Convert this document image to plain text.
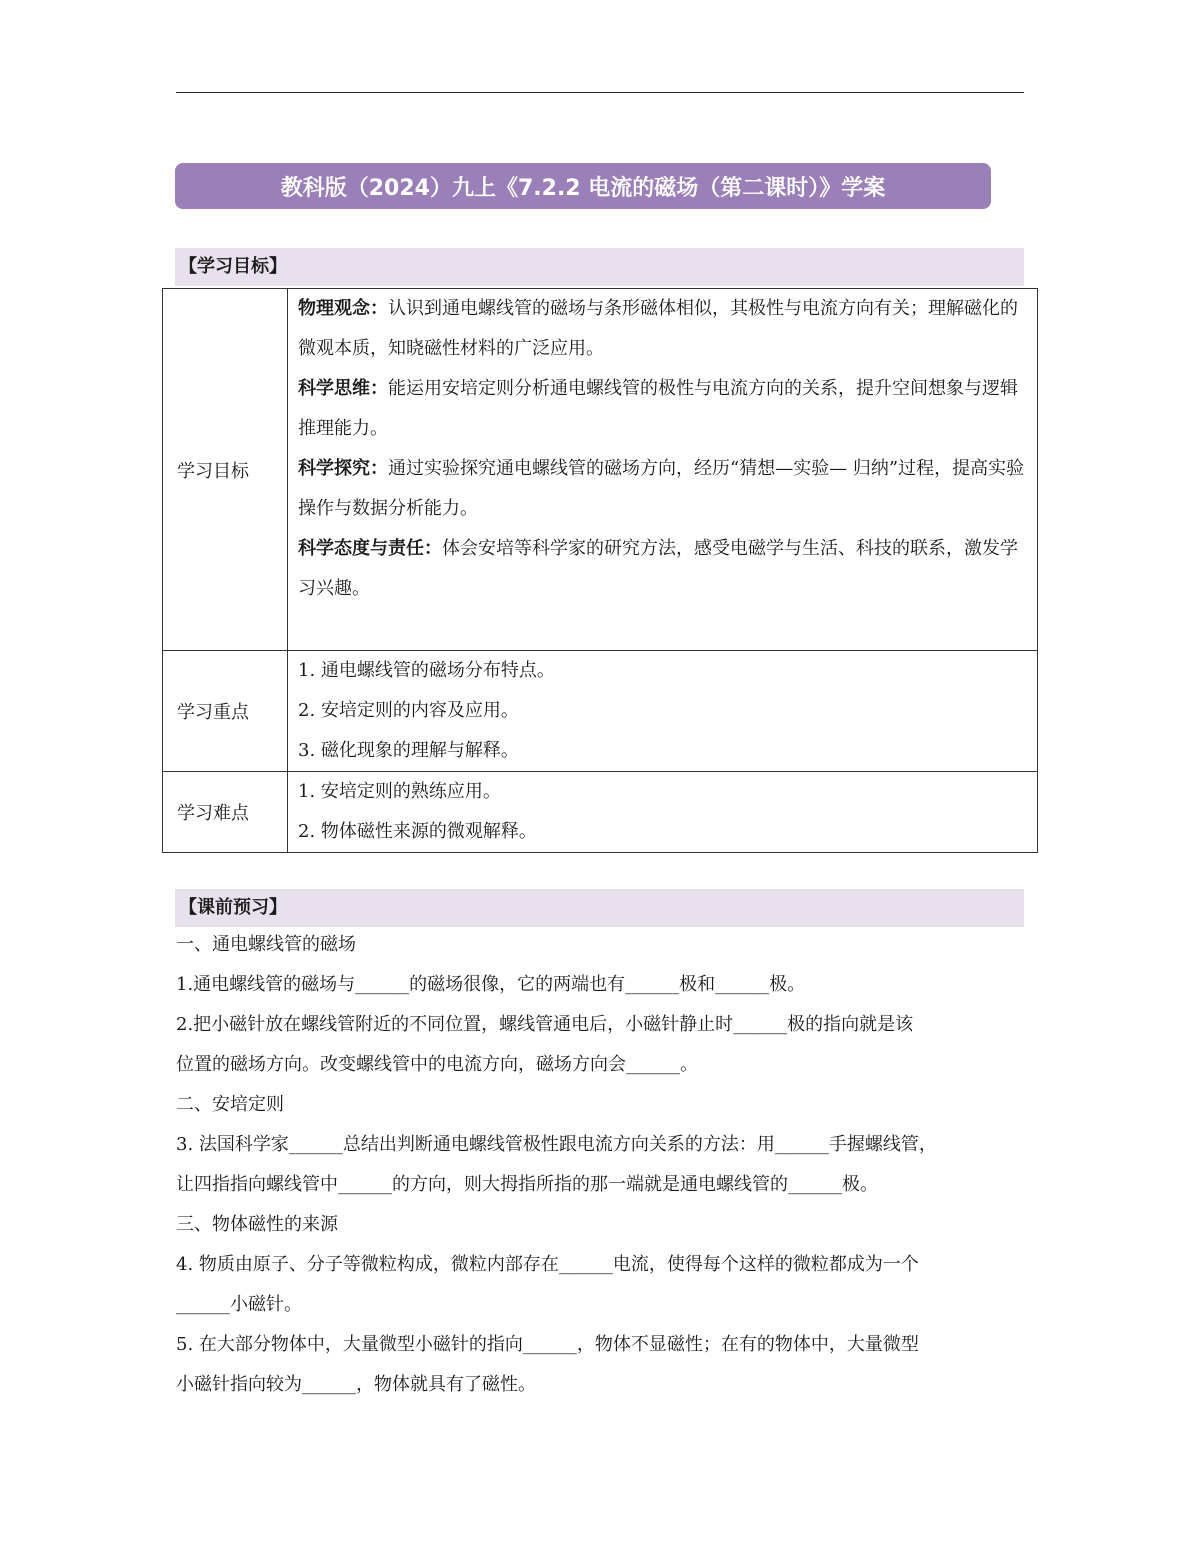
教科版（2024）九上《7.2.2 电流的磁场（第二课时）》学案
【学习目标】
学习目标	物理观念：认识到通电螺线管的磁场与条形磁体相似，其极性与电流方向有关；理解磁化的微观本质，知晓磁性材料的广泛应用。

科学思维：能运用安培定则分析通电螺线管的极性与电流方向的关系，提升空间想象与逻辑推理能力。

科学探究：通过实验探究通电螺线管的磁场方向，经历“猜想—实验— 归纳”过程，提高实验操作与数据分析能力。

科学态度与责任：体会安培等科学家的研究方法，感受电磁学与生活、科技的联系，激发学习兴趣。

学习重点	1. 通电螺线管的磁场分布特点。

2. 安培定则的内容及应用。

3. 磁化现象的理解与解释。

学习难点	1. 安培定则的熟练应用。

2. 物体磁性来源的微观解释。

【课前预习】

一、通电螺线管的磁场

1.通电螺线管的磁场与______的磁场很像，它的两端也有______极和______极。

2.把小磁针放在螺线管附近的不同位置，螺线管通电后，小磁针静止时______极的指向就是该

位置的磁场方向。改变螺线管中的电流方向，磁场方向会______。

二、安培定则

3. 法国科学家______总结出判断通电螺线管极性跟电流方向关系的方法：用______手握螺线管，

让四指指向螺线管中______的方向，则大拇指所指的那一端就是通电螺线管的______极。

三、物体磁性的来源

4. 物质由原子、分子等微粒构成，微粒内部存在______电流，使得每个这样的微粒都成为一个

______小磁针。

5. 在大部分物体中，大量微型小磁针的指向______，物体不显磁性；在有的物体中，大量微型

小磁针指向较为______，物体就具有了磁性。
